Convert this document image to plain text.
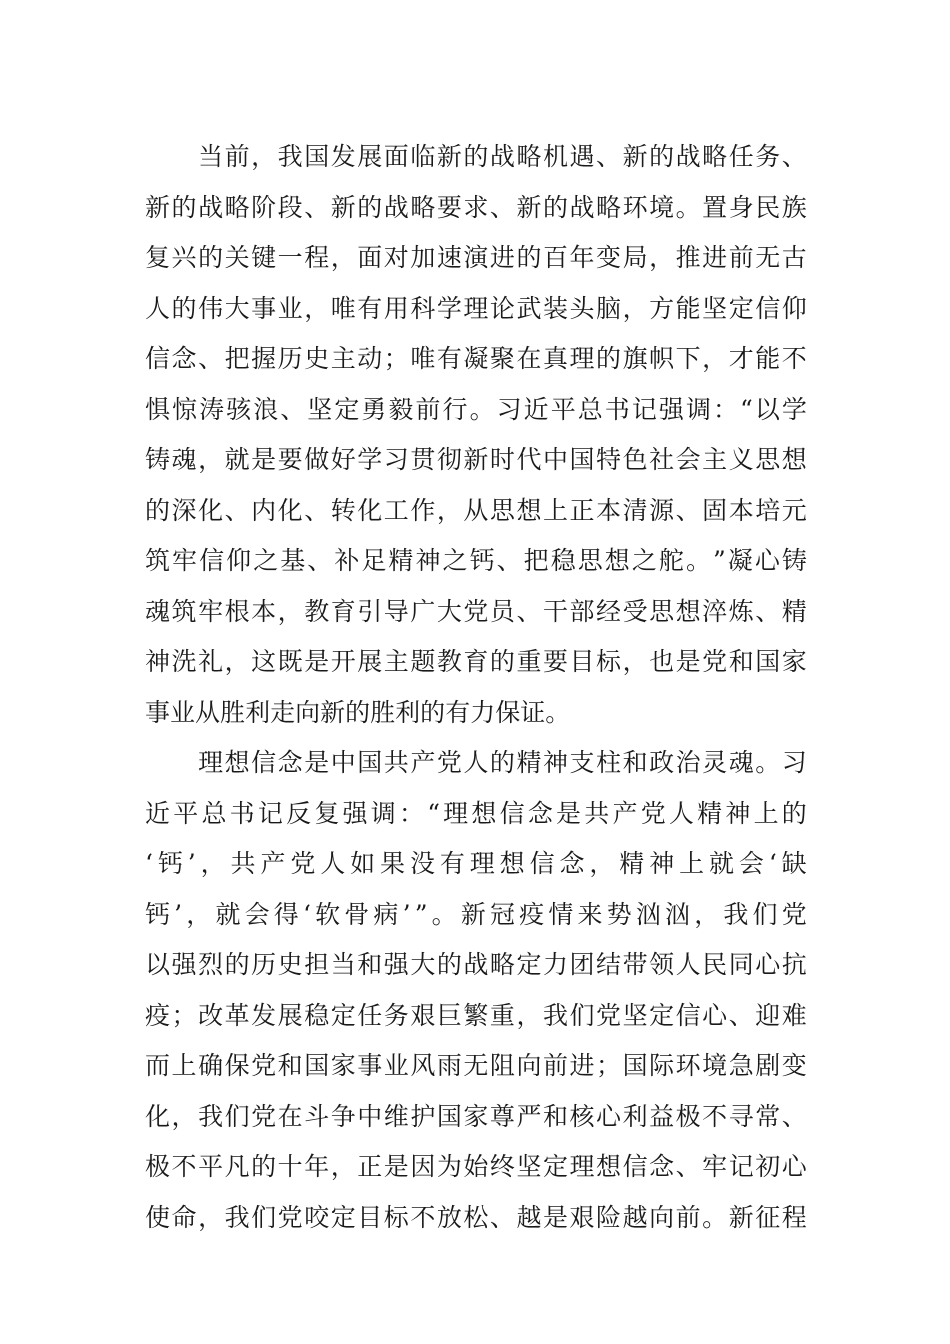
当 前 ， 我 国 发 展 面 临 新 的 战 略 机 遇 、 新 的 战 略 任 务 、
新 的 战 略 阶 段 、 新 的 战 略 要 求 、 新 的 战 略 环 境 。 置 身 民 族
复 兴 的 关 键 一 程 ， 面 对 加 速 演 进 的 百 年 变 局 ， 推 进 前 无 古
人 的 伟 大 事 业 ， 唯 有 用 科 学 理 论 武 装 头 脑 ， 方 能 坚 定 信 仰
信 念 、 把 握 历 史 主 动 ； 唯 有 凝 聚 在 真 理 的 旗 帜 下 ， 才 能 不
惧 惊 涛 骇 浪 、 坚 定 勇 毅 前 行 。 习 近 平 总 书 记 强 调 ： “ 以 学
铸 魂 ， 就 是 要 做 好 学 习 贯 彻 新 时 代 中 国 特 色 社 会 主 义 思 想
的 深 化 、 内 化 、 转 化 工 作 ， 从 思 想 上 正 本 清 源 、 固 本 培 元
筑 牢 信 仰 之 基 、 补 足 精 神 之 钙 、 把 稳 思 想 之 舵 。 ” 凝 心 铸
魂 筑 牢 根 本 ， 教 育 引 导 广 大 党 员 、 干 部 经 受 思 想 淬 炼 、 精
神 洗 礼 ， 这 既 是 开 展 主 题 教 育 的 重 要 目 标 ， 也 是 党 和 国 家
事 业 从 胜 利 走 向 新 的 胜 利 的 有 力 保 证 。

理 想 信 念 是 中 国 共 产 党 人 的 精 神 支 柱 和 政 治 灵 魂 。 习
近 平 总 书 记 反 复 强 调 ： “ 理 想 信 念 是 共 产 党 人 精 神 上 的
‘ 钙 ’ ， 共 产 党 人 如 果 没 有 理 想 信 念 ， 精 神 上 就 会 ‘ 缺
钙 ’ ， 就 会 得 ‘ 软 骨 病 ’ ” 。 新 冠 疫 情 来 势 汹 汹 ， 我 们 党
以 强 烈 的 历 史 担 当 和 强 大 的 战 略 定 力 团 结 带 领 人 民 同 心 抗
疫 ； 改 革 发 展 稳 定 任 务 艰 巨 繁 重 ， 我 们 党 坚 定 信 心 、 迎 难
而 上 确 保 党 和 国 家 事 业 风 雨 无 阻 向 前 进 ； 国 际 环 境 急 剧 变
化 ， 我 们 党 在 斗 争 中 维 护 国 家 尊 严 和 核 心 利 益 极 不 寻 常 、
极 不 平 凡 的 十 年 ， 正 是 因 为 始 终 坚 定 理 想 信 念 、 牢 记 初 心
使 命 ， 我 们 党 咬 定 目 标 不 放 松 、 越 是 艰 险 越 向 前 。 新 征 程
